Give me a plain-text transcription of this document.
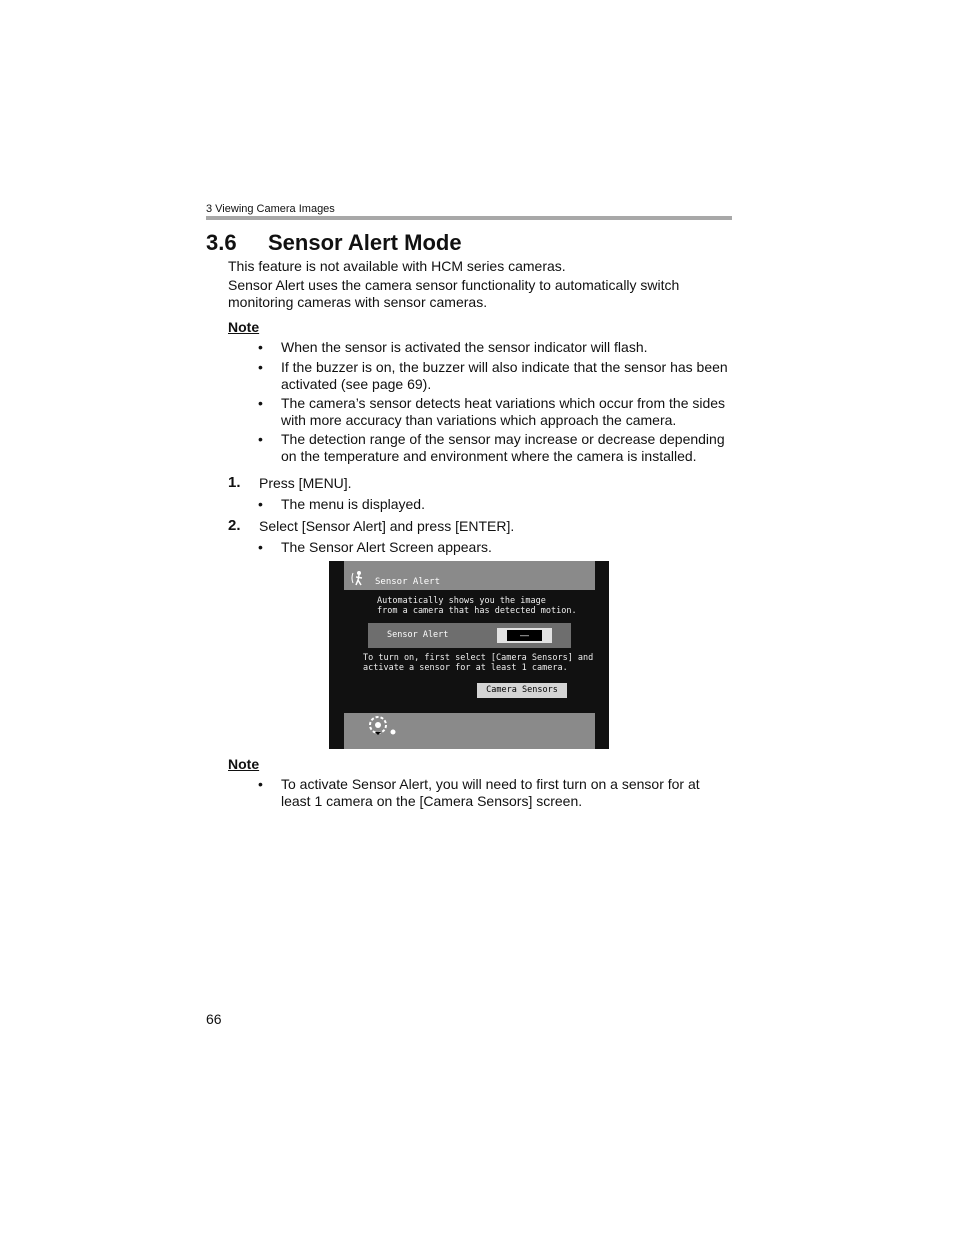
3 Viewing Camera Images
3.6 Sensor Alert Mode
This feature is not available with HCM series cameras.
Sensor Alert uses the camera sensor functionality to automatically switch monitoring cameras with sensor cameras.
Note
• When the sensor is activated the sensor indicator will flash.
• If the buzzer is on, the buzzer will also indicate that the sensor has been activated (see page 69).
• The camera’s sensor detects heat variations which occur from the sides with more accuracy than variations which approach the camera.
• The detection range of the sensor may increase or decrease depending on the temperature and environment where the camera is installed.
1. Press [MENU].
• The menu is displayed.
2. Select [Sensor Alert] and press [ENTER].
• The Sensor Alert Screen appears.
Sensor Alert
Automatically shows you the image
from a camera that has detected motion.
Sensor Alert	—
To turn on, first select [Camera Sensors] and
activate a sensor for at least 1 camera.
Camera Sensors
Note
• To activate Sensor Alert, you will need to first turn on a sensor for at least 1 camera on the [Camera Sensors] screen.
66
